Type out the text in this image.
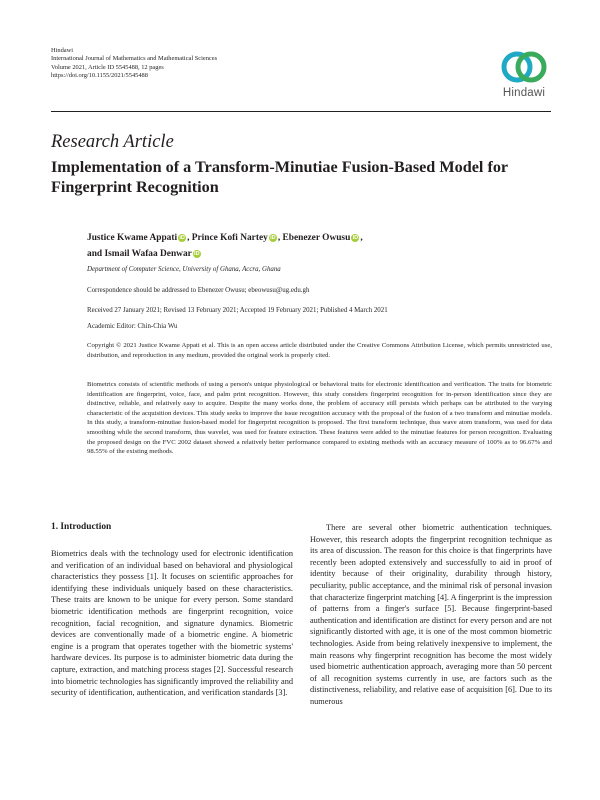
Hindawi
International Journal of Mathematics and Mathematical Sciences
Volume 2021, Article ID 5545488, 12 pages
https://doi.org/10.1155/2021/5545488
Hindawi
Research Article
Implementation of a Transform-Minutiae Fusion-Based Model for Fingerprint Recognition
Justice Kwame Appati iD , Prince Kofi Nartey iD , Ebenezer Owusu iD ,
and Ismail Wafaa Denwar iD
Department of Computer Science, University of Ghana, Accra, Ghana
Correspondence should be addressed to Ebenezer Owusu; ebeowusu@ug.edu.gh
Received 27 January 2021; Revised 13 February 2021; Accepted 19 February 2021; Published 4 March 2021
Academic Editor: Chin-Chia Wu
Copyright © 2021 Justice Kwame Appati et al. This is an open access article distributed under the Creative Commons Attribution License, which permits unrestricted use, distribution, and reproduction in any medium, provided the original work is properly cited.
Biometrics consists of scientific methods of using a person's unique physiological or behavioral traits for electronic identification and verification. The traits for biometric identification are fingerprint, voice, face, and palm print recognition. However, this study considers fingerprint recognition for in-person identification since they are distinctive, reliable, and relatively easy to acquire. Despite the many works done, the problem of accuracy still persists which perhaps can be attributed to the varying characteristic of the acquisition devices. This study seeks to improve the issue recognition accuracy with the proposal of the fusion of a two transform and minutiae models. In this study, a transform-minutiae fusion-based model for fingerprint recognition is proposed. The first transform technique, thus wave atom transform, was used for data smoothing while the second transform, thus wavelet, was used for feature extraction. These features were added to the minutiae features for person recognition. Evaluating the proposed design on the FVC 2002 dataset showed a relatively better performance compared to existing methods with an accuracy measure of 100% as to 96.67% and 98.55% of the existing methods.
1. Introduction

Biometrics deals with the technology used for electronic identification and verification of an individual based on behavioral and physiological characteristics they possess [1]. It focuses on scientific approaches for identifying these individuals uniquely based on these characteristics. These traits are known to be unique for every person. Some standard biometric identification methods are fingerprint recognition, voice recognition, facial recognition, and signature dynamics. Biometric devices are conventionally made of a biometric engine. A biometric engine is a program that operates together with the biometric systems' hardware devices. Its purpose is to administer biometric data during the capture, extraction, and matching process stages [2]. Successful research into biometric technologies has significantly improved the reliability and security of identification, authentication, and verification standards [3].

There are several other biometric authentication techniques. However, this research adopts the fingerprint recognition technique as its area of discussion. The reason for this choice is that fingerprints have recently been adopted extensively and successfully to aid in proof of identity because of their originality, durability through history, peculiarity, public acceptance, and the minimal risk of personal invasion that characterize fingerprint matching [4]. A fingerprint is the impression of patterns from a finger's surface [5]. Because fingerprint-based authentication and identification are distinct for every person and are not significantly distorted with age, it is one of the most common biometric technologies. Aside from being relatively inexpensive to implement, the main reasons why fingerprint recognition has become the most widely used biometric authentication approach, averaging more than 50 percent of all recognition systems currently in use, are factors such as the distinctiveness, reliability, and relative ease of acquisition [6]. Due to its numerous
